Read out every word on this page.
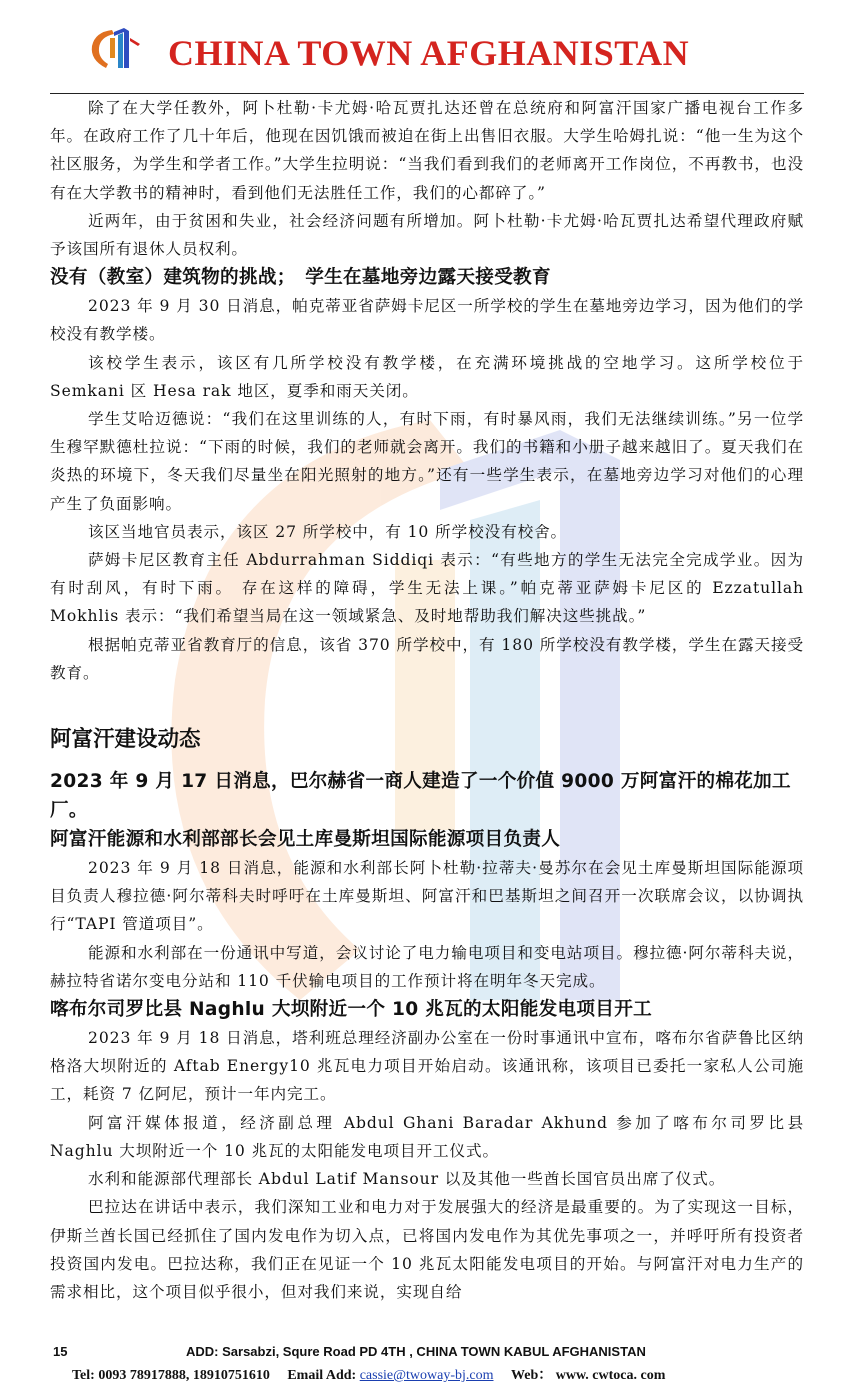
CHINA TOWN AFGHANISTAN

除了在大学任教外，阿卜杜勒·卡尤姆·哈瓦贾扎达还曾在总统府和阿富汗国家广播电视台工作多年。在政府工作了几十年后，他现在因饥饿而被迫在街上出售旧衣服。大学生哈姆扎说：“他一生为这个社区服务，为学生和学者工作。”大学生拉明说：“当我们看到我们的老师离开工作岗位，不再教书，也没有在大学教书的精神时，看到他们无法胜任工作，我们的心都碎了。”

近两年，由于贫困和失业，社会经济问题有所增加。阿卜杜勒·卡尤姆·哈瓦贾扎达希望代理政府赋予该国所有退休人员权利。

没有（教室）建筑物的挑战；　学生在墓地旁边露天接受教育

2023 年 9 月 30 日消息，帕克蒂亚省萨姆卡尼区一所学校的学生在墓地旁边学习，因为他们的学校没有教学楼。

该校学生表示，该区有几所学校没有教学楼，在充满环境挑战的空地学习。这所学校位于 Semkani 区 Hesa rak 地区，夏季和雨天关闭。

学生艾哈迈德说：“我们在这里训练的人，有时下雨，有时暴风雨，我们无法继续训练。”另一位学生穆罕默德杜拉说：“下雨的时候，我们的老师就会离开。我们的书籍和小册子越来越旧了。夏天我们在炎热的环境下，冬天我们尽量坐在阳光照射的地方。”还有一些学生表示，在墓地旁边学习对他们的心理产生了负面影响。

该区当地官员表示，该区 27 所学校中，有 10 所学校没有校舍。

萨姆卡尼区教育主任 Abdurrahman Siddiqi 表示：“有些地方的学生无法完全完成学业。因为有时刮风，有时下雨。 存在这样的障碍，学生无法上课。”帕克蒂亚萨姆卡尼区的 Ezzatullah Mokhlis 表示：“我们希望当局在这一领域紧急、及时地帮助我们解决这些挑战。”

根据帕克蒂亚省教育厅的信息，该省 370 所学校中，有 180 所学校没有教学楼，学生在露天接受教育。

阿富汗建设动态
2023 年 9 月 17 日消息，巴尔赫省一商人建造了一个价值 9000 万阿富汗的棉花加工厂。
阿富汗能源和水利部部长会见土库曼斯坦国际能源项目负责人

2023 年 9 月 18 日消息，能源和水利部长阿卜杜勒·拉蒂夫·曼苏尔在会见土库曼斯坦国际能源项目负责人穆拉德·阿尔蒂科夫时呼吁在土库曼斯坦、阿富汗和巴基斯坦之间召开一次联席会议，以协调执行“TAPI 管道项目”。

能源和水利部在一份通讯中写道，会议讨论了电力输电项目和变电站项目。穆拉德·阿尔蒂科夫说，赫拉特省诺尔变电分站和 110 千伏输电项目的工作预计将在明年冬天完成。

喀布尔司罗比县 Naghlu 大坝附近一个 10 兆瓦的太阳能发电项目开工

2023 年 9 月 18 日消息，塔利班总理经济副办公室在一份时事通讯中宣布，喀布尔省萨鲁比区纳格洛大坝附近的 Aftab Energy10 兆瓦电力项目开始启动。该通讯称，该项目已委托一家私人公司施工，耗资 7 亿阿尼，预计一年内完工。

阿富汗媒体报道，经济副总理 Abdul Ghani Baradar Akhund 参加了喀布尔司罗比县 Naghlu 大坝附近一个 10 兆瓦的太阳能发电项目开工仪式。

水利和能源部代理部长 Abdul Latif Mansour 以及其他一些酋长国官员出席了仪式。

巴拉达在讲话中表示，我们深知工业和电力对于发展强大的经济是最重要的。为了实现这一目标，伊斯兰酋长国已经抓住了国内发电作为切入点，已将国内发电作为其优先事项之一，并呼吁所有投资者投资国内发电。巴拉达称，我们正在见证一个 10 兆瓦太阳能发电项目的开始。与阿富汗对电力生产的需求相比，这个项目似乎很小，但对我们来说，实现自给

15	ADD: Sarsabzi, Squre Road PD 4TH , CHINA TOWN KABUL AFGHANISTAN
Tel: 0093 78917888, 18910751610 Email Add: cassie@twoway-bj.com Web： www. cwtoca. com
